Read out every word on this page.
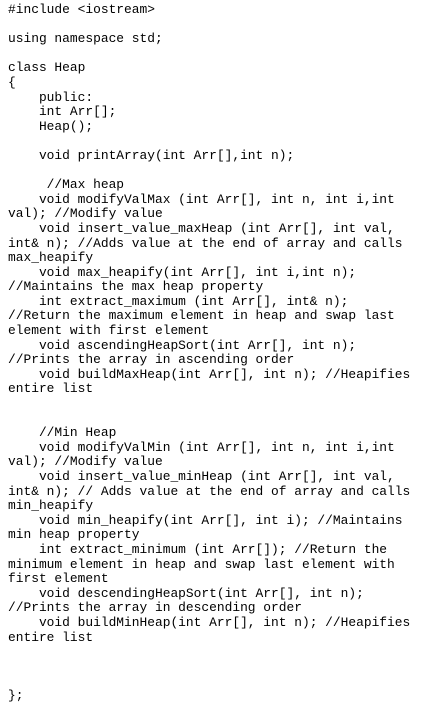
#include <iostream>
using namespace std;
class Heap
{
public:
int Arr[];
Heap();
void printArray(int Arr[],int n);
//Max heap
void modifyValMax (int Arr[], int n, int i,int
val); //Modify value
void insert_value_maxHeap (int Arr[], int val,
int& n); //Adds value at the end of array and calls
max_heapify
void max_heapify(int Arr[], int i,int n);
//Maintains the max heap property
int extract_maximum (int Arr[], int& n);
//Return the maximum element in heap and swap last
element with first element
void ascendingHeapSort(int Arr[], int n);
//Prints the array in ascending order
void buildMaxHeap(int Arr[], int n); //Heapifies
entire list
//Min Heap
void modifyValMin (int Arr[], int n, int i,int
val); //Modify value
void insert_value_minHeap (int Arr[], int val,
int& n); // Adds value at the end of array and calls
min_heapify
void min_heapify(int Arr[], int i); //Maintains
min heap property
int extract_minimum (int Arr[]); //Return the
minimum element in heap and swap last element with
first element
void descendingHeapSort(int Arr[], int n);
//Prints the array in descending order
void buildMinHeap(int Arr[], int n); //Heapifies
entire list
};
